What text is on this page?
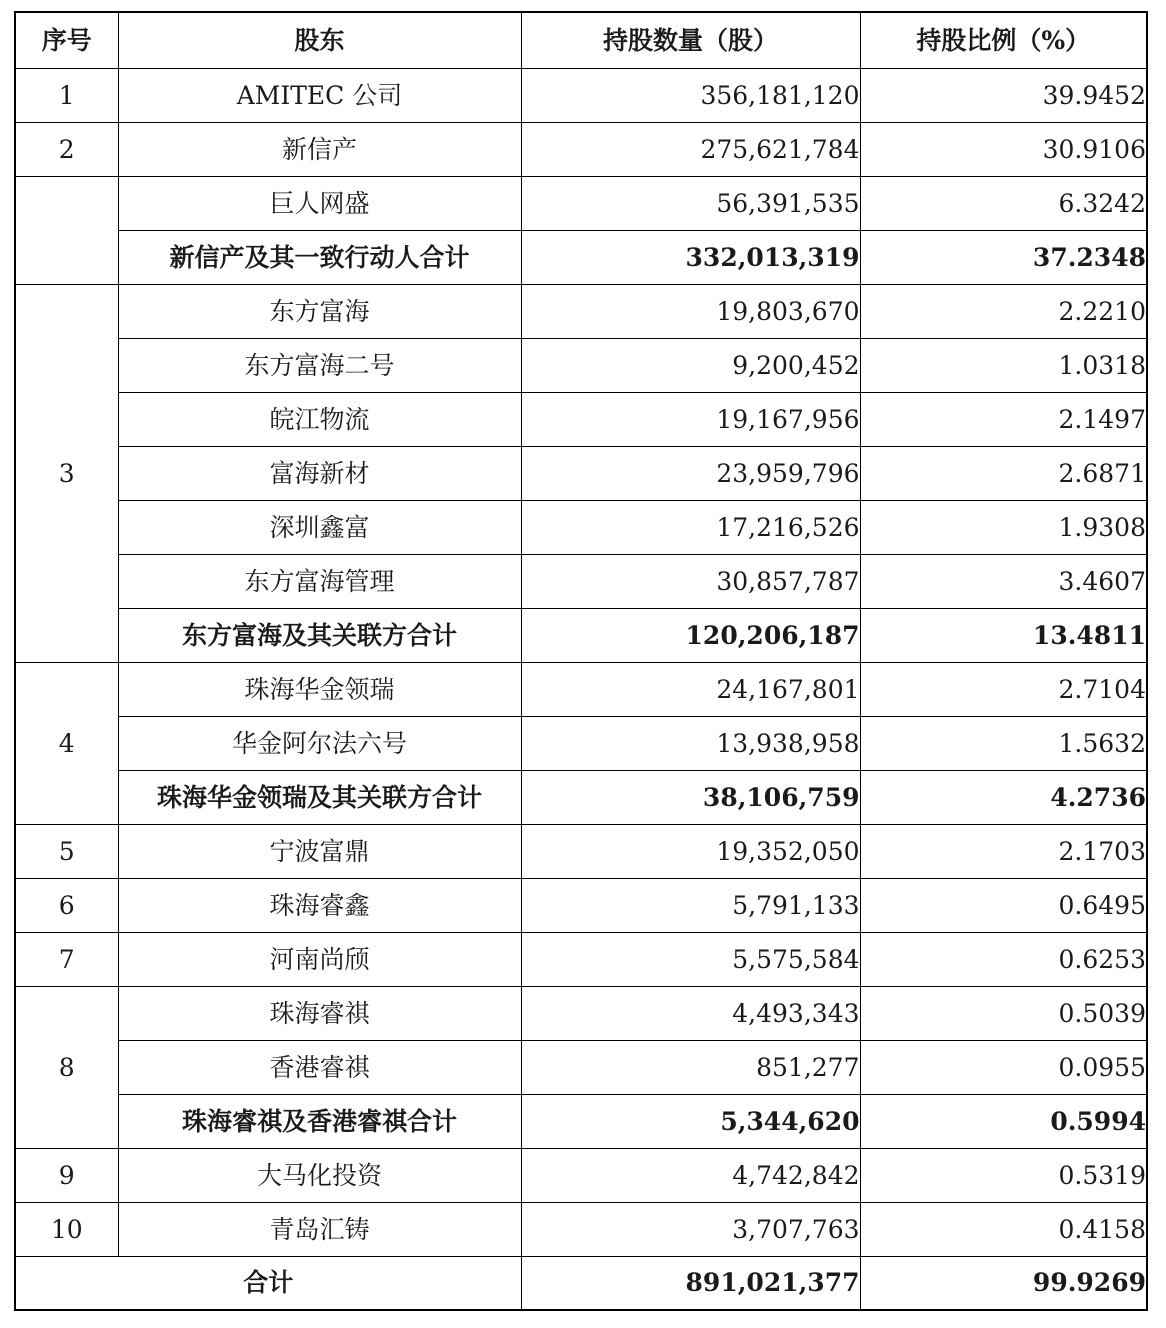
序号	股东	持股数量（股）	持股比例（%）
1	AMITEC 公司	356,181,120	39.9452
2	新信产	275,621,784	30.9106
	巨人网盛	56,391,535	6.3242
	新信产及其一致行动人合计	332,013,319	37.2348
3	东方富海	19,803,670	2.2210
	东方富海二号	9,200,452	1.0318
	皖江物流	19,167,956	2.1497
	富海新材	23,959,796	2.6871
	深圳鑫富	17,216,526	1.9308
	东方富海管理	30,857,787	3.4607
	东方富海及其关联方合计	120,206,187	13.4811
4	珠海华金领瑞	24,167,801	2.7104
	华金阿尔法六号	13,938,958	1.5632
	珠海华金领瑞及其关联方合计	38,106,759	4.2736
5	宁波富鼎	19,352,050	2.1703
6	珠海睿鑫	5,791,133	0.6495
7	河南尚颀	5,575,584	0.6253
8	珠海睿祺	4,493,343	0.5039
	香港睿祺	851,277	0.0955
	珠海睿祺及香港睿祺合计	5,344,620	0.5994
9	大马化投资	4,742,842	0.5319
10	青岛汇铸	3,707,763	0.4158
合计		891,021,377	99.9269
